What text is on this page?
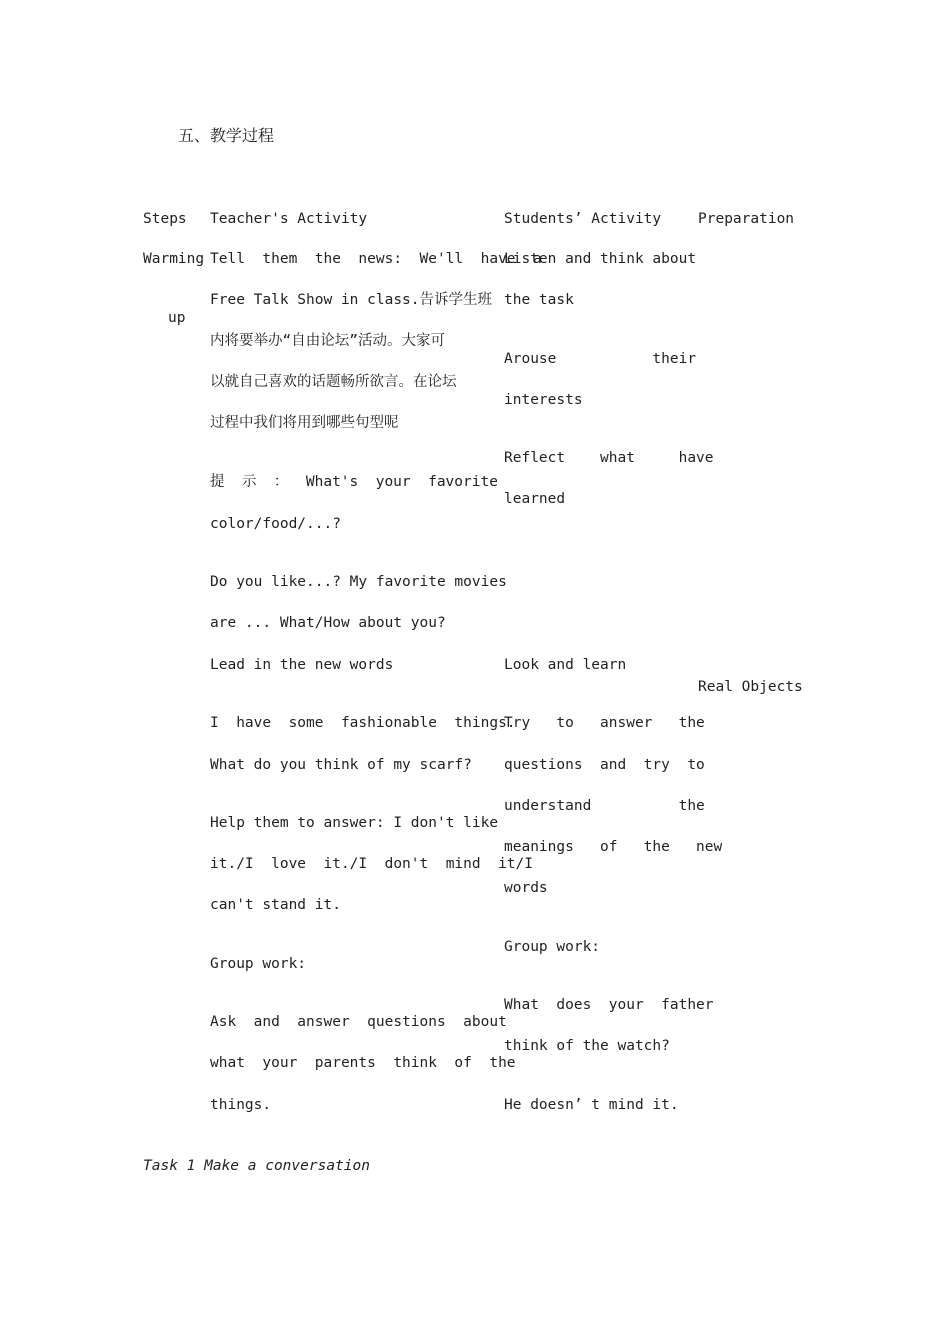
五、教学过程
Steps Teacher's Activity	Students’ Activity	Preparation
Warming
up
Tell  them  the  news:  We'll  have  a
Free Talk Show in class.告诉学生班
内将要举办“自由论坛”活动。大家可
以就自己喜欢的话题畅所欲言。在论坛
过程中我们将用到哪些句型呢
提  示  ：  What's  your  favorite
color/food/...?
Do you like...? My favorite movies
are ... What/How about you?
Lead in the new words
I  have  some  fashionable  things.
What do you think of my scarf?
Help them to answer: I don't like
it./I  love  it./I  don't  mind  it/I
can't stand it.
Group work:
Ask  and  answer  questions  about
what  your  parents  think  of  the
things.
Listen and think about
the task
Arouse           their
interests
Reflect    what     have
learned
Look and learn
Try   to   answer   the
questions  and  try  to
understand          the
meanings   of   the   new
words
Group work:
What  does  your  father
think of the watch?
He doesn’ t mind it.
Real Objects
Task 1 Make a conversation
